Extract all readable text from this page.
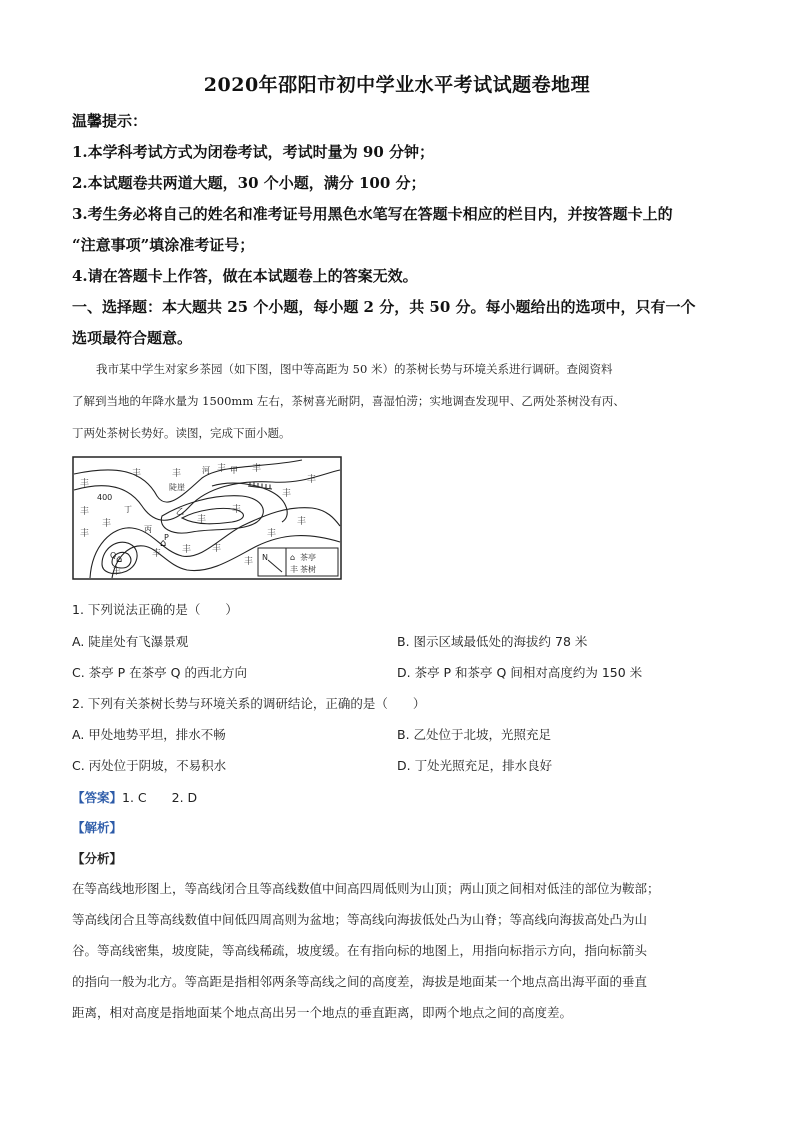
2020年邵阳市初中学业水平考试试题卷地理
温馨提示：
1.本学科考试方式为闭卷考试，考试时量为 90 分钟；
2.本试题卷共两道大题，30 个小题，满分 100 分；
3.考生务必将自己的姓名和准考证号用黑色水笔写在答题卡相应的栏目内，并按答题卡上的
“注意事项”填涂准考证号；
4.请在答题卡上作答，做在本试题卷上的答案无效。
一、选择题：本大题共 25 个小题，每小题 2 分，共 50 分。每小题给出的选项中，只有一个
选项最符合题意。
我市某中学生对家乡茶园（如下图，图中等高距为 50 米）的茶树长势与环境关系进行调研。查阅资料
了解到当地的年降水量为 1500mm 左右，茶树喜光耐阴，喜湿怕涝；实地调查发现甲、乙两处茶树没有丙、
丁两处茶树长势好。读图，完成下面小题。
400
河
陡崖
甲
乙
丙
丁
P
Q
丰
丰
丰
丰
丰	丰	丰	丰
丰
丰
丰
丰
丰
丰
丰
丰
丰
丰
丰
⌂
⌂	N	⌂ 茶亭
丰 茶树
1. 下列说法正确的是（　　）
A. 陡崖处有飞瀑景观	B. 图示区域最低处的海拔约 78 米
C. 茶亭 P 在茶亭 Q 的西北方向	D. 茶亭 P 和茶亭 Q 间相对高度约为 150 米
2. 下列有关茶树长势与环境关系的调研结论，正确的是（　　）
A. 甲处地势平坦，排水不畅	B. 乙处位于北坡，光照充足
C. 丙处位于阴坡，不易积水	D. 丁处光照充足，排水良好
【答案】1. C　　2. D
【解析】
【分析】
在等高线地形图上，等高线闭合且等高线数值中间高四周低则为山顶；两山顶之间相对低洼的部位为鞍部；
等高线闭合且等高线数值中间低四周高则为盆地；等高线向海拔低处凸为山脊；等高线向海拔高处凸为山
谷。等高线密集，坡度陡，等高线稀疏，坡度缓。在有指向标的地图上，用指向标指示方向，指向标箭头
的指向一般为北方。等高距是指相邻两条等高线之间的高度差，海拔是地面某一个地点高出海平面的垂直
距离，相对高度是指地面某个地点高出另一个地点的垂直距离，即两个地点之间的高度差。
